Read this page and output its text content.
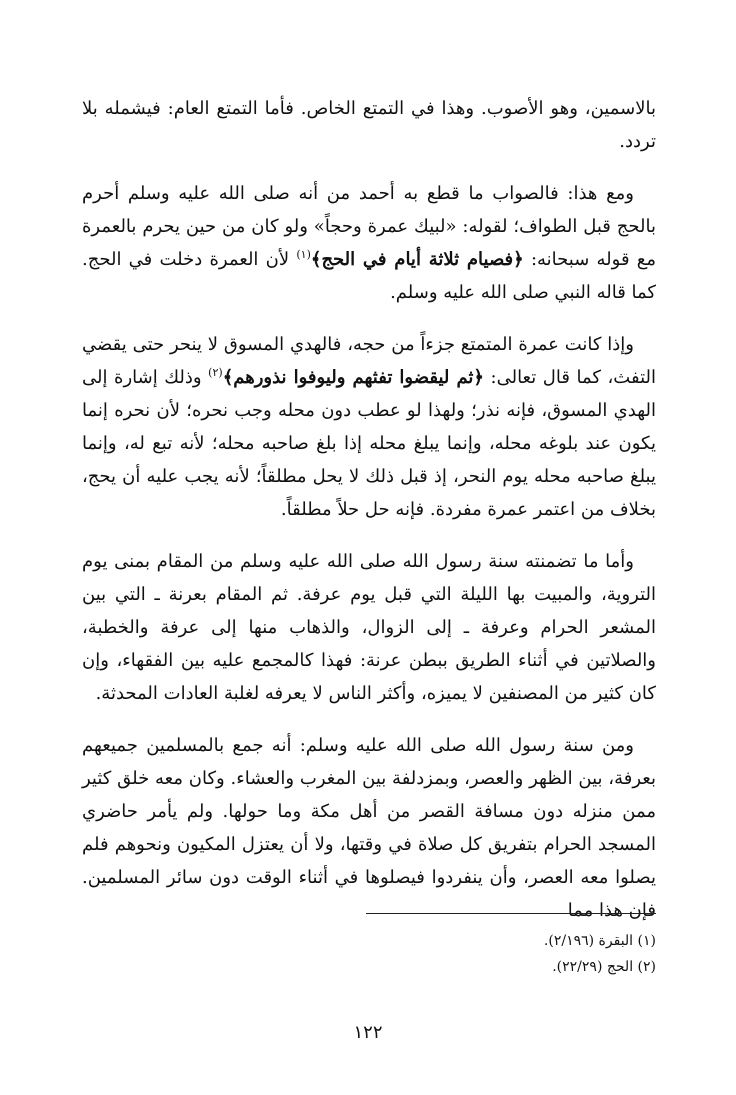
بالاسمين، وهو الأصوب. وهذا في التمتع الخاص. فأما التمتع العام: فيشمله بلا تردد.

ومع هذا: فالصواب ما قطع به أحمد من أنه صلى الله عليه وسلم أحرم بالحج قبل الطواف؛ لقوله: «لبيك عمرة وحجاً» ولو كان من حين يحرم بالعمرة مع قوله سبحانه: ﴿فصيام ثلاثة أيام في الحج﴾$^{(١)}$ لأن العمرة دخلت في الحج. كما قاله النبي صلى الله عليه وسلم.

وإذا كانت عمرة المتمتع جزءاً من حجه، فالهدي المسوق لا ينحر حتى يقضي التفث، كما قال تعالى: ﴿ثم ليقضوا تفثهم وليوفوا نذورهم﴾$^{(٢)}$ وذلك إشارة إلى الهدي المسوق، فإنه نذر؛ ولهذا لو عطب دون محله وجب نحره؛ لأن نحره إنما يكون عند بلوغه محله، وإنما يبلغ محله إذا بلغ صاحبه محله؛ لأنه تبع له، وإنما يبلغ صاحبه محله يوم النحر، إذ قبل ذلك لا يحل مطلقاً؛ لأنه يجب عليه أن يحج، بخلاف من اعتمر عمرة مفردة. فإنه حل حلاً مطلقاً.

وأما ما تضمنته سنة رسول الله صلى الله عليه وسلم من المقام بمنى يوم التروية، والمبيت بها الليلة التي قبل يوم عرفة. ثم المقام بعرنة ـ التي بين المشعر الحرام وعرفة ـ إلى الزوال، والذهاب منها إلى عرفة والخطبة، والصلاتين في أثناء الطريق ببطن عرنة: فهذا كالمجمع عليه بين الفقهاء، وإن كان كثير من المصنفين لا يميزه، وأكثر الناس لا يعرفه لغلبة العادات المحدثة.

ومن سنة رسول الله صلى الله عليه وسلم: أنه جمع بالمسلمين جميعهم بعرفة، بين الظهر والعصر، وبمزدلفة بين المغرب والعشاء. وكان معه خلق كثير ممن منزله دون مسافة القصر من أهل مكة وما حولها. ولم يأمر حاضري المسجد الحرام بتفريق كل صلاة في وقتها، ولا أن يعتزل المكيون ونحوهم فلم يصلوا معه العصر، وأن ينفردوا فيصلوها في أثناء الوقت دون سائر المسلمين. فإن هذا مما

(١) البقرة (٢/١٩٦).
(٢) الحج (٢٢/٢٩).
١٢٢
